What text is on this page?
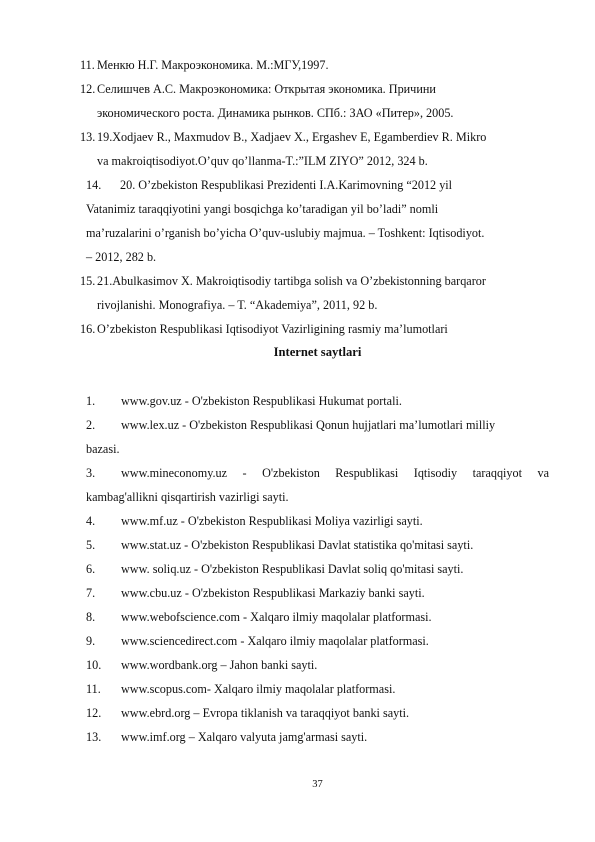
11. Менкю Н.Г. Макроэкономика. М.:МГУ,1997.
12. Селишчев А.С. Макроэкономика: Открытая экономика. Причини
экономического роста. Динамика рынков. СПб.: ЗАО «Питер», 2005.
13. 19.Xodjaev R., Maxmudov B., Xadjaev X., Ergashev E, Egamberdiev R. Mikro
va makroiqtisodiyot.O’quv qo’llanma-T.:”ILM ZIYO” 2012, 324 b.
14. 20. O’zbekiston Respublikasi Prezidenti I.A.Karimovning “2012 yil
Vatanimiz taraqqiyotini yangi bosqichga ko’taradigan yil bo’ladi” nomli
ma’ruzalarini o’rganish bo’yicha O’quv-uslubiy majmua. – Toshkent: Iqtisodiyot.
– 2012, 282 b.
15. 21.Abulkasimov X. Makroiqtisodiy tartibga solish va O’zbekistonning barqaror
rivojlanishi. Monografiya. – T. “Akademiya”, 2011, 92 b.
16. O’zbekiston Respublikasi Iqtisodiyot Vazirligining rasmiy ma’lumotlari
Internet saytlari
1. www.gov.uz - O'zbekiston Respublikasi Hukumat portali.
2. www.lex.uz - O'zbekiston Respublikasi Qonun hujjatlari ma’lumotlari milliy
bazasi.
3. www.mineconomy.uz - O'zbekiston Respublikasi Iqtisodiy taraqqiyot va
kambag'allikni qisqartirish vazirligi sayti.
4. www.mf.uz - O'zbekiston Respublikasi Moliya vazirligi sayti.
5. www.stat.uz - O'zbekiston Respublikasi Davlat statistika qo'mitasi sayti.
6. www. soliq.uz - O'zbekiston Respublikasi Davlat soliq qo'mitasi sayti.
7. www.cbu.uz - O'zbekiston Respublikasi Markaziy banki sayti.
8. www.webofscience.com - Xalqaro ilmiy maqolalar platformasi.
9. www.sciencedirect.com - Xalqaro ilmiy maqolalar platformasi.
10. www.wordbank.org – Jahon banki sayti.
11. www.scopus.com- Xalqaro ilmiy maqolalar platformasi.
12. www.ebrd.org – Evropa tiklanish va taraqqiyot banki sayti.
13. www.imf.org – Xalqaro valyuta jamg'armasi sayti.
37
